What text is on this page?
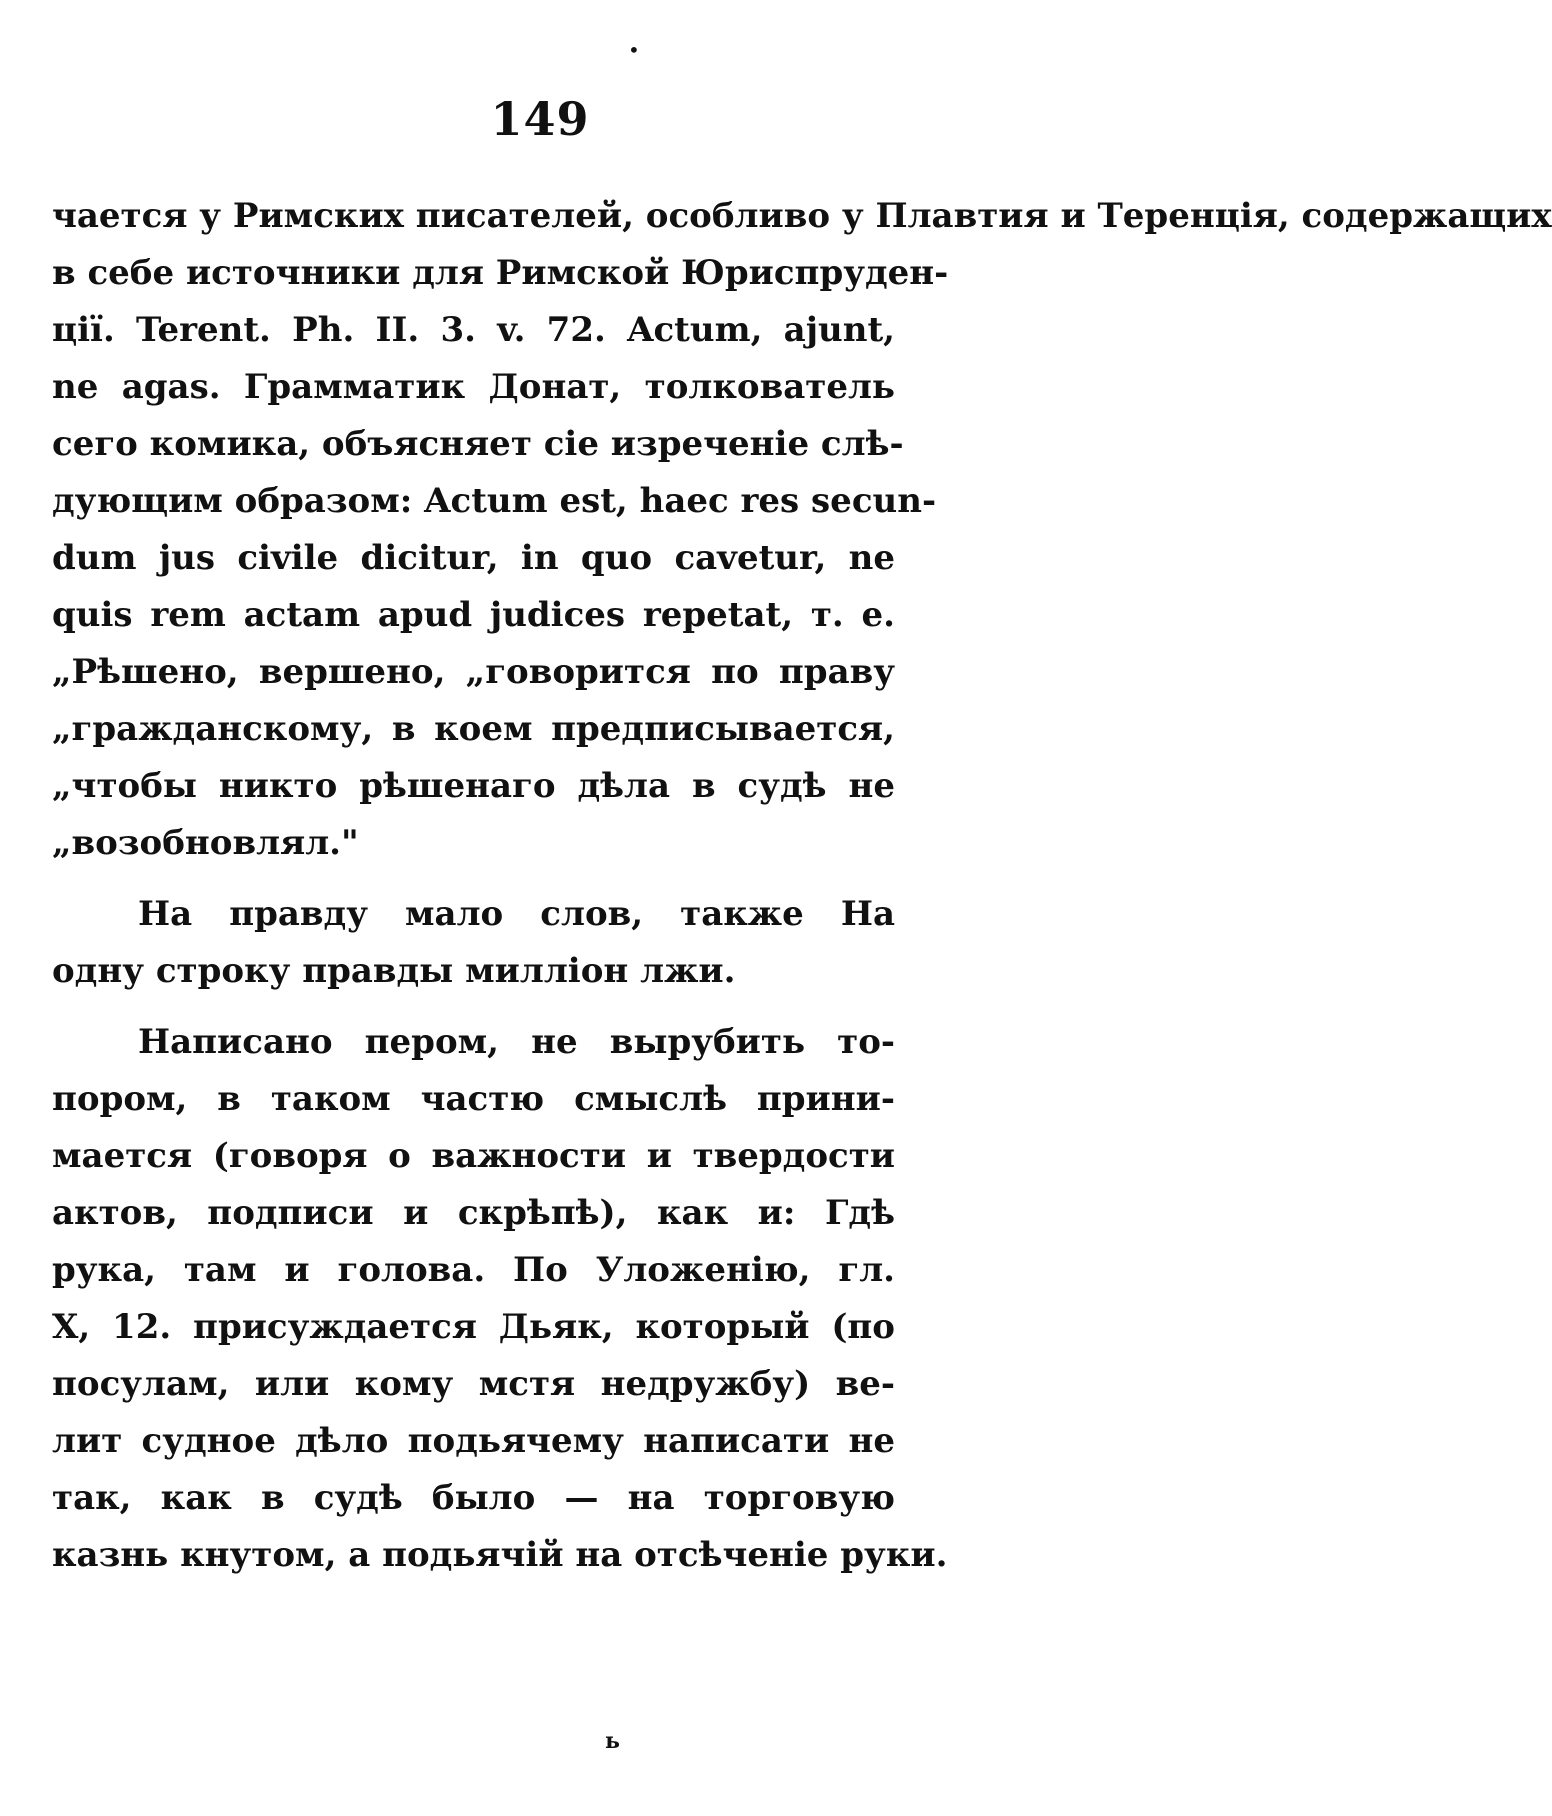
•
149
чается у Римских писателей, особливо у Плавтия и Теренція, содержащих
в себе источники для Римской Юриспруден-
ції. Terent. Ph. II. 3. v. 72. Actum, ajunt,
ne agas. Грамматик Донат, толкователь
сего комика, объясняет сіе изреченіе слѣ-
дующим образом: Actum est, haec res secun-
dum jus civile dicitur, in quo cavetur, ne
quis rem actam apud judices repetat, т. е.
„Рѣшено, вершено, „говорится по праву
„гражданскому, в коем предписывается,
„чтобы никто рѣшенаго дѣла в судѣ не
„возобновлял."
На правду мало слов, также На
одну строку правды милліон лжи.
Написано пером, не вырубить то-
пором, в таком частю смыслѣ прини-
мается (говоря о важности и твердости
актов, подписи и скрѣпѣ), как и: Гдѣ
рука, там и голова. По Уложенію, гл.
X, 12. присуждается Дьяк, который (по
посулам, или кому мстя недружбу) ве-
лит судное дѣло подьячему написати не
так, как в судѣ было — на торговую
казнь кнутом, а подьячій на отсѣченіе руки.
ь
